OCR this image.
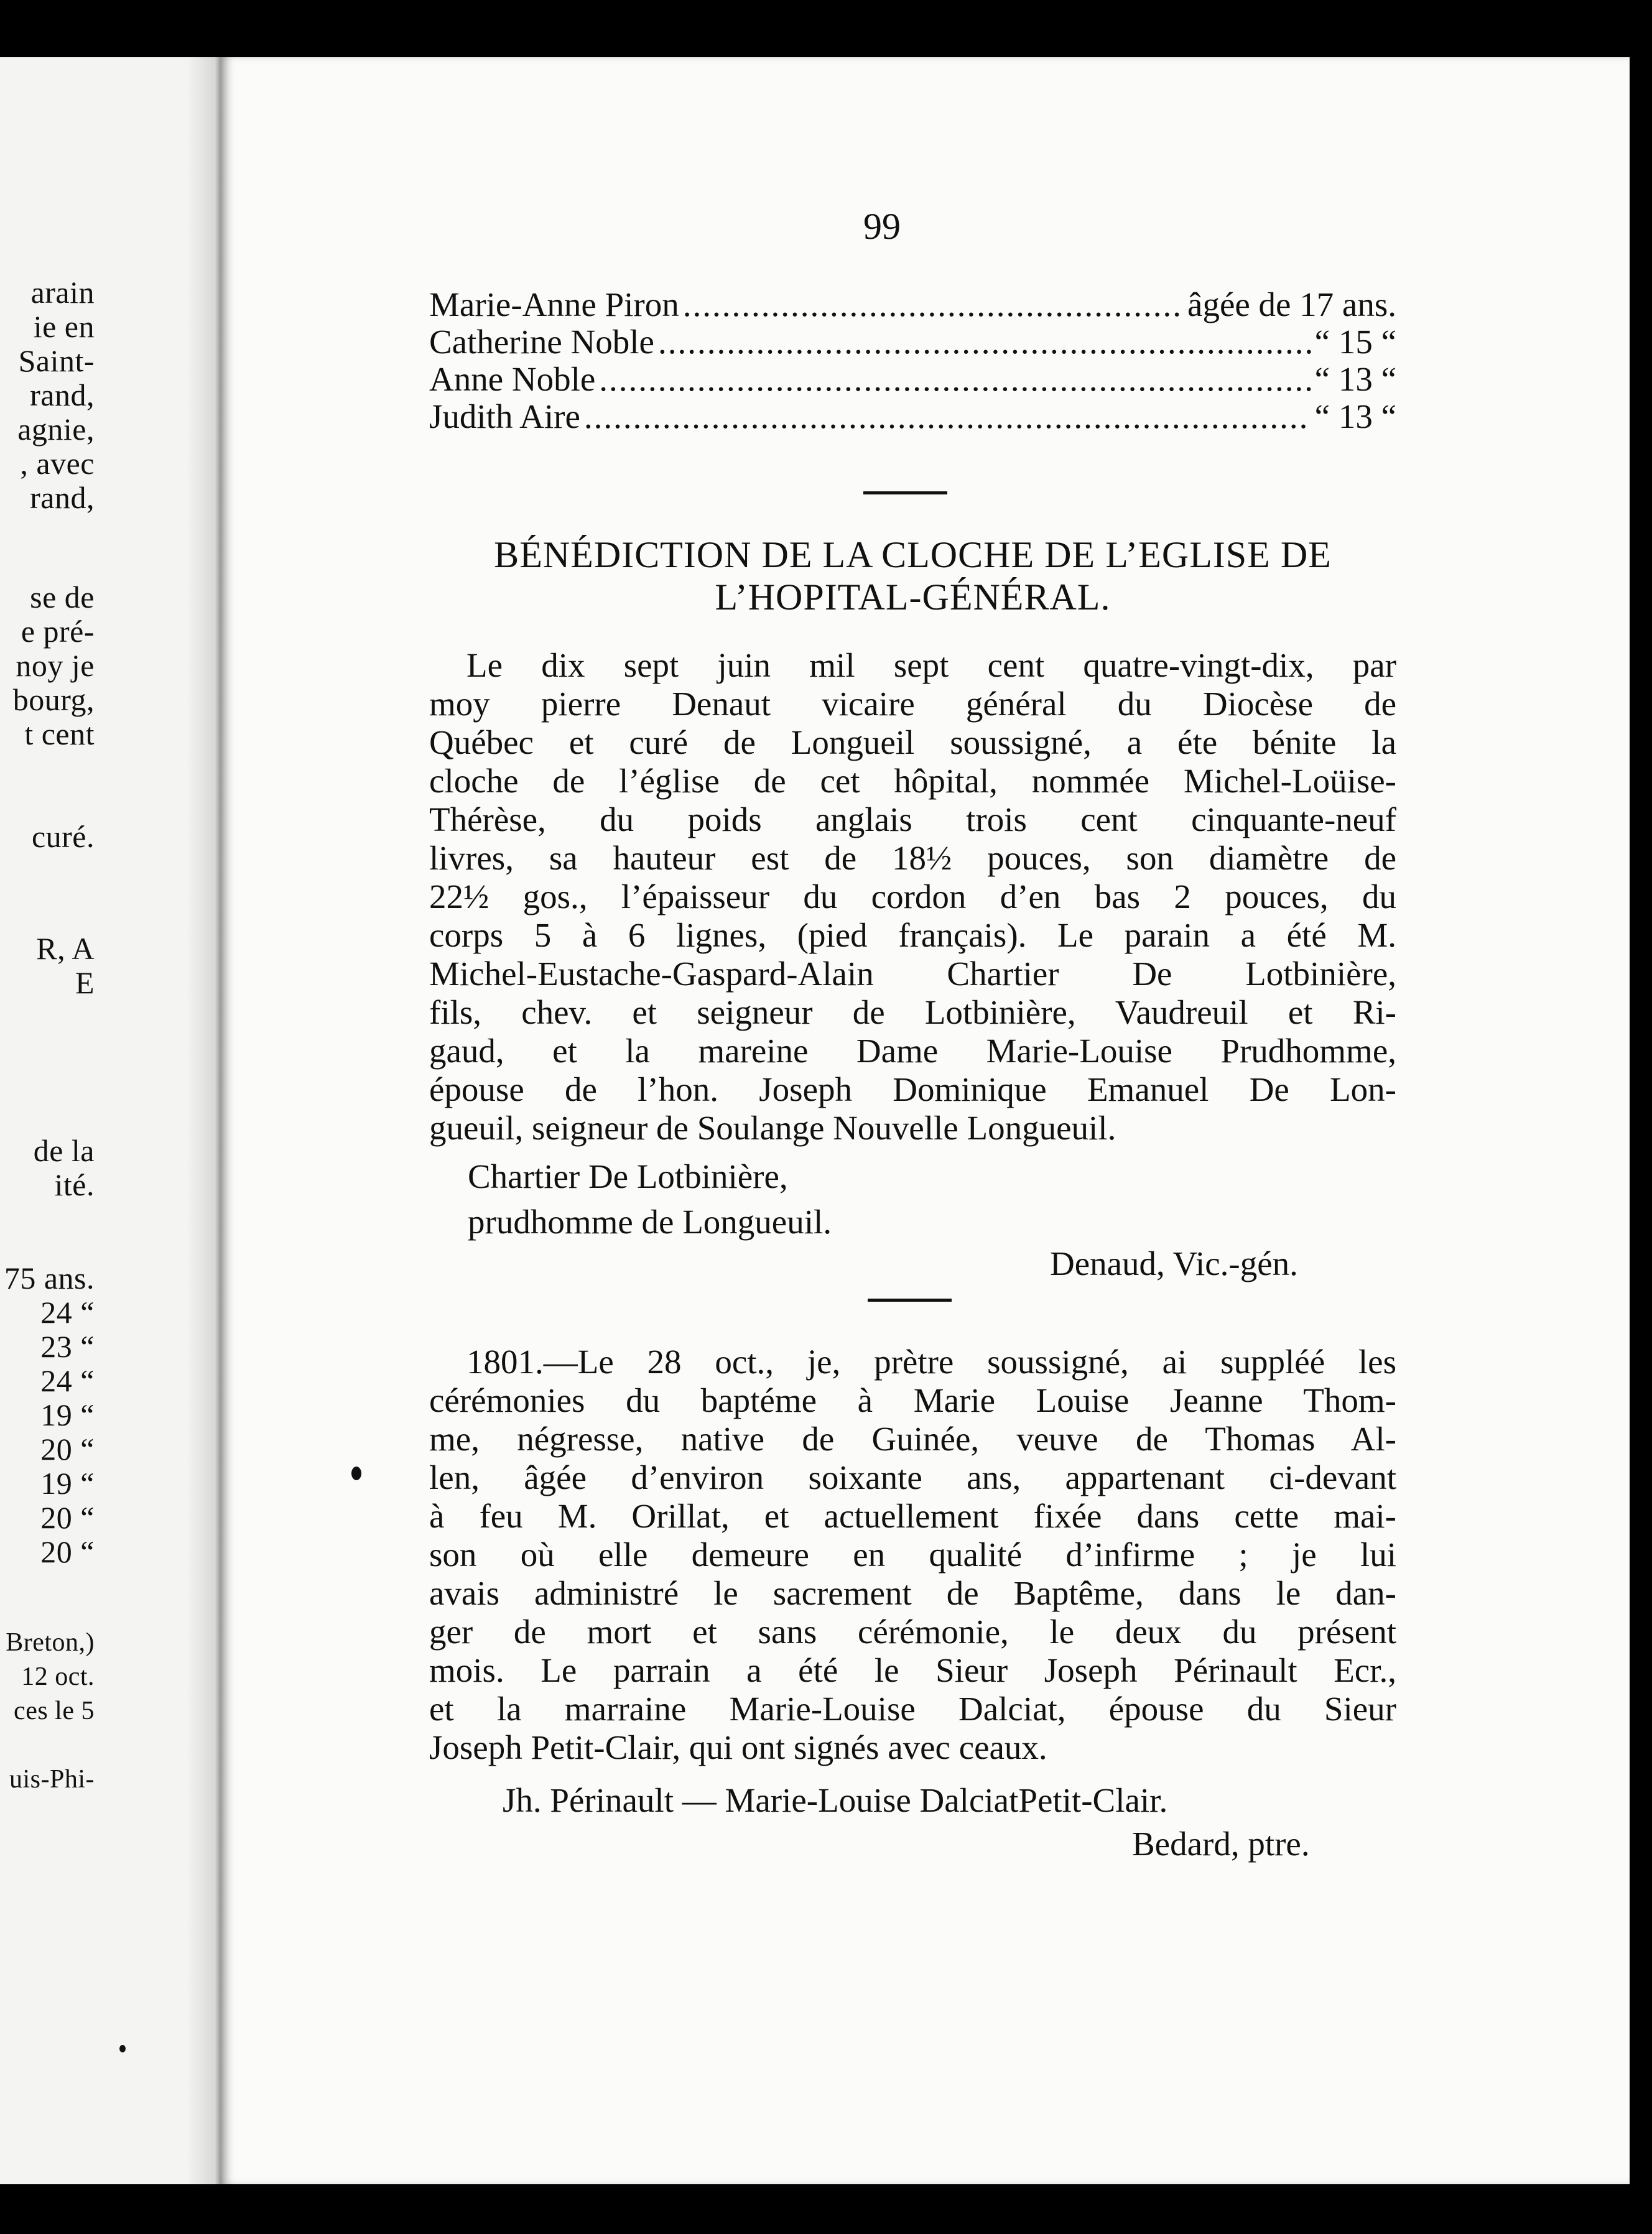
arain
ie en
Saint-
rand,
agnie,
, avec
rand,
se de
e pré-
noy je
bourg,
t cent
curé.
R, A
E
de la
ité.
75 ans.
24 “
23 “
24 “
19 “
20 “
19 “
20 “
20 “
Breton,)
12 oct.
ces le 5
uis-Phi-
99
Marie-Anne Piron .....	âgée de 17 ans.
Catherine Noble .....	“ 15 “
Anne Noble .....	“ 13 “
Judith Aire .....	“ 13 “
BÉNÉDICTION DE LA CLOCHE DE L’EGLISE DE
L’HOPITAL-GÉNÉRAL.
Le dix sept juin mil sept cent quatre-vingt-dix, par
moy pierre Denaut vicaire général du Diocèse de
Québec et curé de Longueil soussigné, a éte bénite la
cloche de l’église de cet hôpital, nommée Michel-Loüise-
Thérèse, du poids anglais trois cent cinquante-neuf
livres, sa hauteur est de 18½ pouces, son diamètre de
22½ gos., l’épaisseur du cordon d’en bas 2 pouces, du
corps 5 à 6 lignes, (pied français). Le parain a été M.
Michel-Eustache-Gaspard-Alain Chartier De Lotbinière,
fils, chev. et seigneur de Lotbinière, Vaudreuil et Ri-
gaud, et la mareine Dame Marie-Louise Prudhomme,
épouse de l’hon. Joseph Dominique Emanuel De Lon-
gueuil, seigneur de Soulange Nouvelle Longueuil.
Chartier De Lotbinière,
prudhomme de Longueuil.
Denaud, Vic.-gén.
1801.—Le 28 oct., je, prètre soussigné, ai suppléé les
cérémonies du baptéme à Marie Louise Jeanne Thom-
me, négresse, native de Guinée, veuve de Thomas Al-
len, âgée d’environ soixante ans, appartenant ci-devant
à feu M. Orillat, et actuellement fixée dans cette mai-
son où elle demeure en qualité d’infirme ; je lui
avais administré le sacrement de Baptême, dans le dan-
ger de mort et sans cérémonie, le deux du présent
mois. Le parrain a été le Sieur Joseph Périnault Ecr.,
et la marraine Marie-Louise Dalciat, épouse du Sieur
Joseph Petit-Clair, qui ont signés avec ceaux.
Jh. Périnault — Marie-Louise DalciatPetit-Clair.
Bedard, ptre.
